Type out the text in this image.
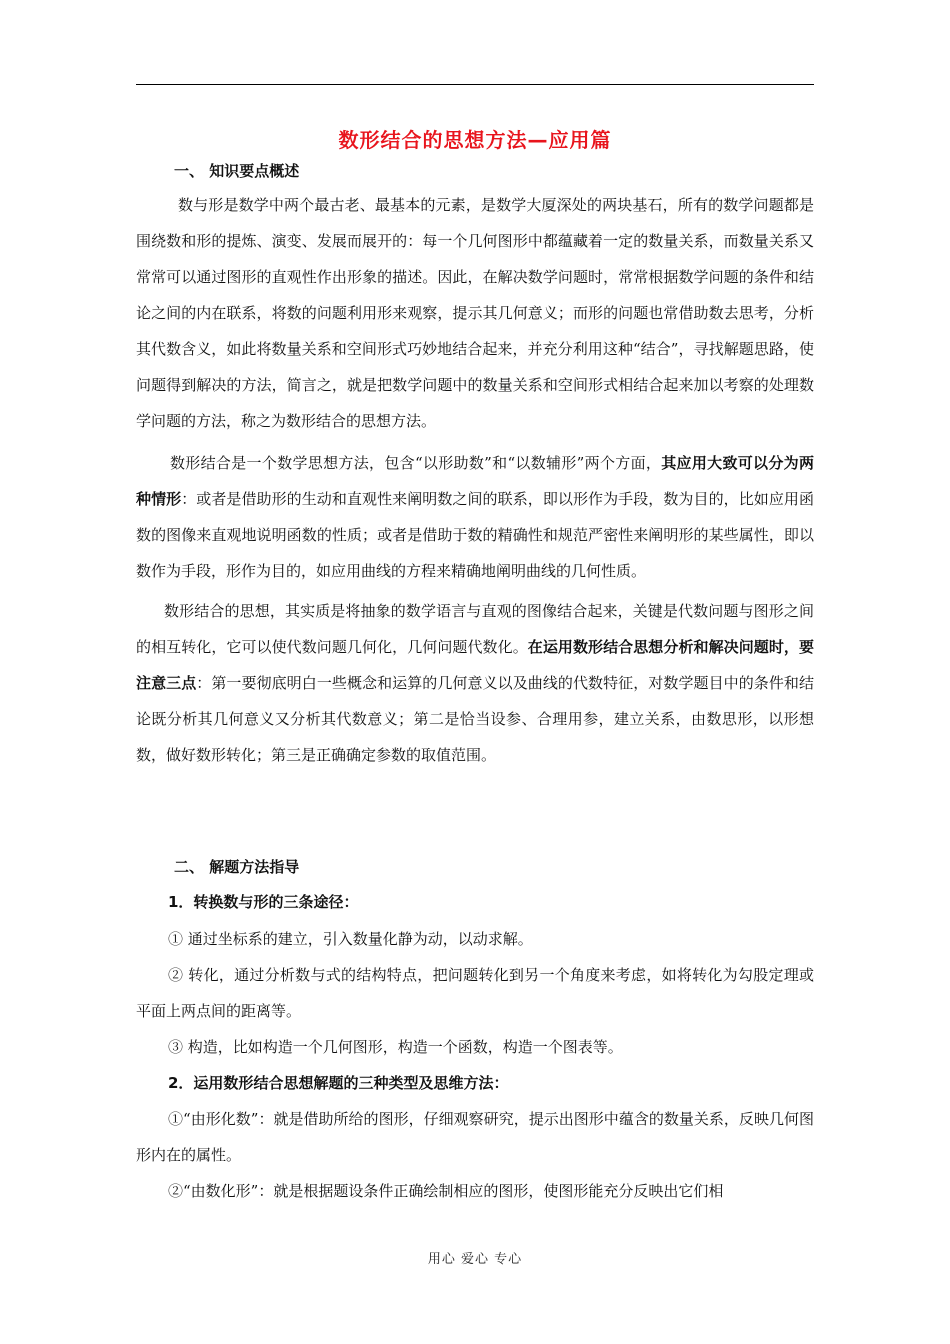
数形结合的思想方法—应用篇

一、 知识要点概述

数与形是数学中两个最古老、最基本的元素，是数学大厦深处的两块基石，所有的数学问题都是围绕数和形的提炼、演变、发展而展开的：每一个几何图形中都蕴藏着一定的数量关系，而数量关系又常常可以通过图形的直观性作出形象的描述。因此，在解决数学问题时，常常根据数学问题的条件和结论之间的内在联系，将数的问题利用形来观察，提示其几何意义；而形的问题也常借助数去思考，分析其代数含义，如此将数量关系和空间形式巧妙地结合起来，并充分利用这种“结合”，寻找解题思路，使问题得到解决的方法，简言之，就是把数学问题中的数量关系和空间形式相结合起来加以考察的处理数学问题的方法，称之为数形结合的思想方法。

数形结合是一个数学思想方法，包含“以形助数”和“以数辅形”两个方面，其应用大致可以分为两种情形：或者是借助形的生动和直观性来阐明数之间的联系，即以形作为手段，数为目的，比如应用函数的图像来直观地说明函数的性质；或者是借助于数的精确性和规范严密性来阐明形的某些属性，即以数作为手段，形作为目的，如应用曲线的方程来精确地阐明曲线的几何性质。

数形结合的思想，其实质是将抽象的数学语言与直观的图像结合起来，关键是代数问题与图形之间的相互转化，它可以使代数问题几何化，几何问题代数化。在运用数形结合思想分析和解决问题时，要注意三点：第一要彻底明白一些概念和运算的几何意义以及曲线的代数特征，对数学题目中的条件和结论既分析其几何意义又分析其代数意义；第二是恰当设参、合理用参，建立关系，由数思形，以形想数，做好数形转化；第三是正确确定参数的取值范围。

二、 解题方法指导

1．转换数与形的三条途径：

① 通过坐标系的建立，引入数量化静为动，以动求解。

② 转化，通过分析数与式的结构特点，把问题转化到另一个角度来考虑，如将转化为勾股定理或平面上两点间的距离等。

③ 构造，比如构造一个几何图形，构造一个函数，构造一个图表等。

2．运用数形结合思想解题的三种类型及思维方法：

①“由形化数”：就是借助所给的图形，仔细观察研究，提示出图形中蕴含的数量关系，反映几何图形内在的属性。

②“由数化形”：就是根据题设条件正确绘制相应的图形，使图形能充分反映出它们相

用心 爱心 专心
